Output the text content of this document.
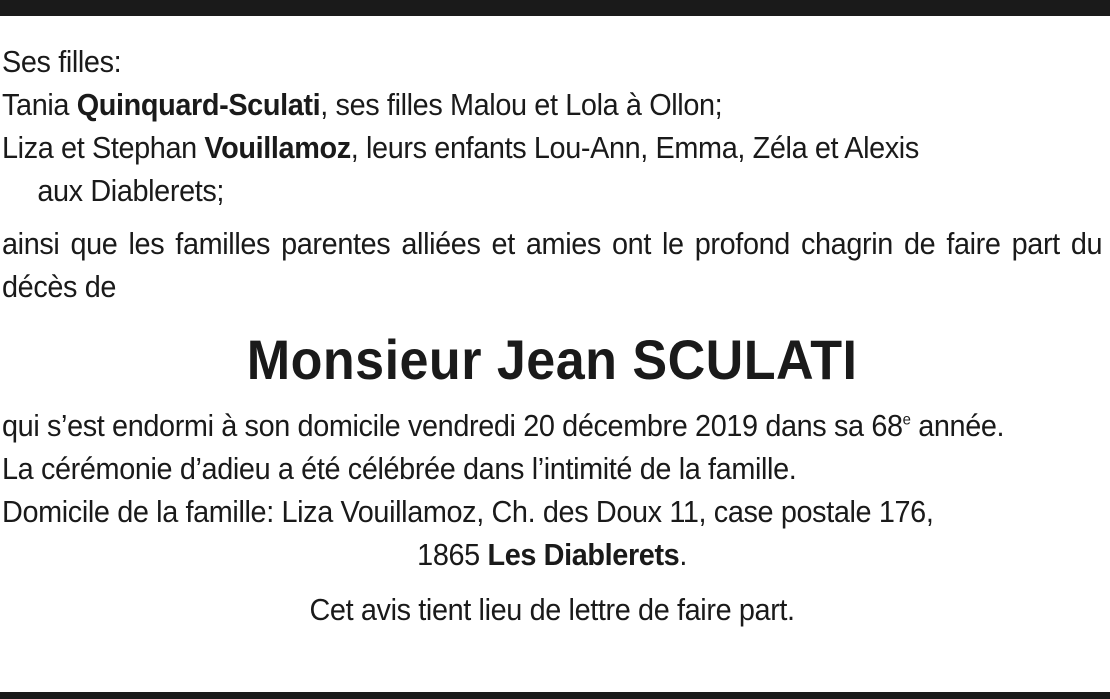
Ses filles:

Tania Quinquard-Sculati, ses filles Malou et Lola à Ollon;

Liza et Stephan Vouillamoz, leurs enfants Lou-Ann, Emma, Zéla et Alexis

aux Diablerets;

ainsi que les familles parentes alliées et amies ont le profond chagrin de faire part du décès de

Monsieur Jean SCULATI

qui s’est endormi à son domicile vendredi 20 décembre 2019 dans sa 68e année.

La cérémonie d’adieu a été célébrée dans l’intimité de la famille.

Domicile de la famille: Liza Vouillamoz, Ch. des Doux 11, case postale 176,

1865 Les Diablerets.

Cet avis tient lieu de lettre de faire part.
